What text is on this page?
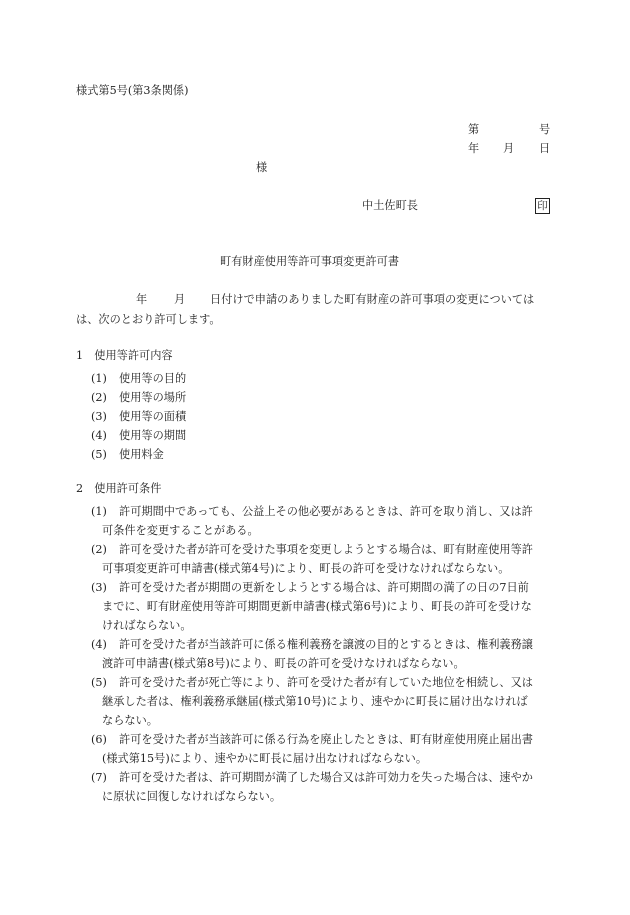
様式第5号(第3条関係)
第	号
年 月 日
様
中土佐町長	印
町有財産使用等許可事項変更許可書
年 月 日付けで申請のありました町有財産の許可事項の変更については
は、次のとおり許可します。
1　使用等許可内容
(1) 使用等の目的
(2) 使用等の場所
(3) 使用等の面積
(4) 使用等の期間
(5) 使用料金
2　使用許可条件
(1) 許可期間中であっても、公益上その他必要があるときは、許可を取り消し、又は許
可条件を変更することがある。
(2) 許可を受けた者が許可を受けた事項を変更しようとする場合は、町有財産使用等許
可事項変更許可申請書(様式第4号)により、町長の許可を受けなければならない。
(3) 許可を受けた者が期間の更新をしようとする場合は、許可期間の満了の日の7日前
までに、町有財産使用等許可期間更新申請書(様式第6号)により、町長の許可を受けな
ければならない。
(4) 許可を受けた者が当該許可に係る権利義務を譲渡の目的とするときは、権利義務譲
渡許可申請書(様式第8号)により、町長の許可を受けなければならない。
(5) 許可を受けた者が死亡等により、許可を受けた者が有していた地位を相続し、又は
継承した者は、権利義務承継届(様式第10号)により、速やかに町長に届け出なければ
ならない。
(6) 許可を受けた者が当該許可に係る行為を廃止したときは、町有財産使用廃止届出書
(様式第15号)により、速やかに町長に届け出なければならない。
(7) 許可を受けた者は、許可期間が満了した場合又は許可効力を失った場合は、速やか
に原状に回復しなければならない。
